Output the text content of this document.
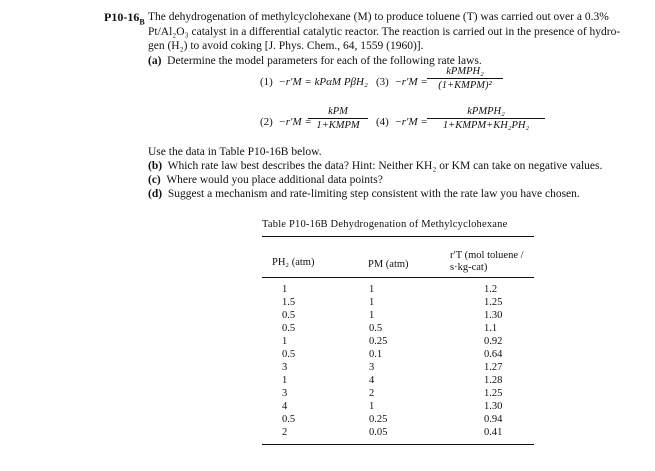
$P10-16_B$ The dehydrogenation of methylcyclohexane (M) to produce toluene (T) was carried out over a 0.3%
Pt/Al₂O₃ catalyst in a differential catalytic reactor. The reaction is carried out in the presence of hydro-
gen (H₂) to avoid coking [J. Phys. Chem., 64, 1559 (1960)].
(a) Determine the model parameters for each of the following rate laws.
(1) −r′M = kPαM PβH₂ (3) −r′M =
kPMPH₂
(1+KMPM)²
(2) −r′M =
kPM
1+KMPM	(4) −r′M =
kPMPH₂
1+KMPM+KH₂PH₂
Use the data in Table P10-16B below.
(b) Which rate law best describes the data? Hint: Neither KH₂ or KM can take on negative values.
(c) Where would you place additional data points?
(d) Suggest a mechanism and rate-limiting step consistent with the rate law you have chosen.
Table P10-16B Dehydrogenation of Methylcyclohexane
PH₂ (atm)	PM (atm)
r′T (mol toluene / s·kg-cat)
1
1.5
0.5
0.5
1
0.5
3
1
3
4
0.5
2
1
1
1
0.5
0.25
0.1
3
4
2
1
0.25
0.05
1.2
1.25
1.30
1.1
0.92
0.64
1.27
1.28
1.25
1.30
0.94
0.41
